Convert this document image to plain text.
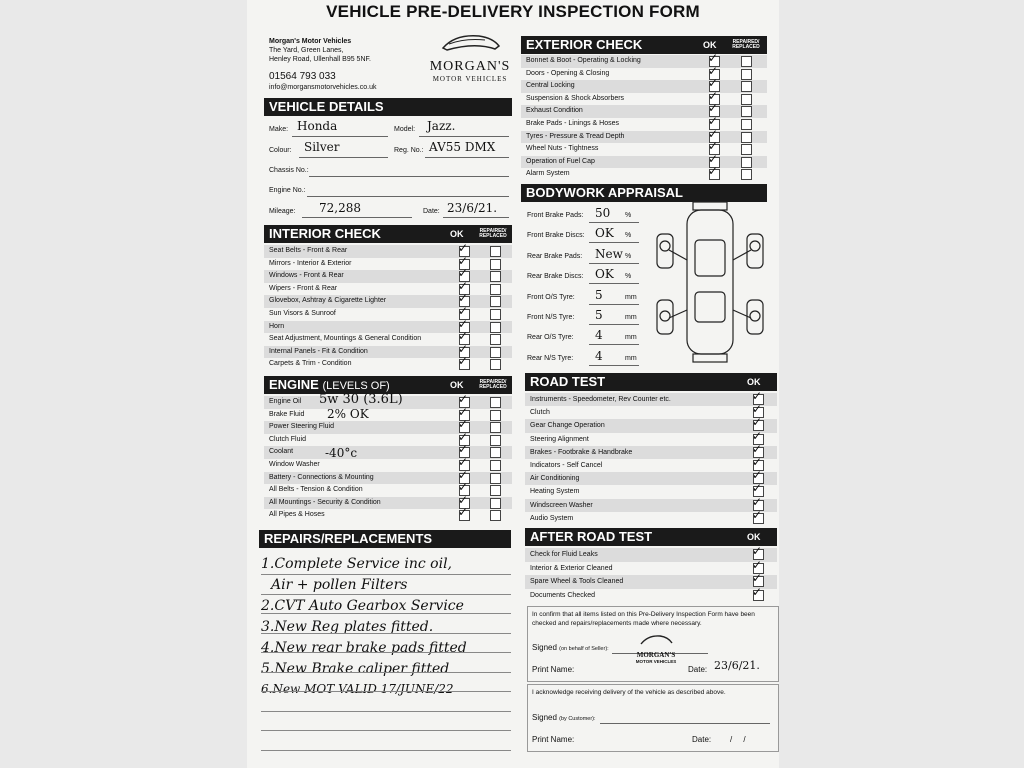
VEHICLE PRE-DELIVERY INSPECTION FORM
Morgan's Motor Vehicles
The Yard, Green Lanes,
Henley Road, Ullenhall B95 5NF.
01564 793 033
info@morgansmotorvehicles.co.uk
MORGAN'S
MOTOR VEHICLES
VEHICLE DETAILS
Make: Honda	Model: Jazz.
Colour: Silver	Reg. No.: AV55 DMX
Chassis No.:
Engine No.:
Mileage: 72,288	Date: 23/6/21.
INTERIOR CHECK	OK	REPAIRED/
REPLACED
Seat Belts - Front & Rear	✓
Mirrors - Interior & Exterior	✓
Windows - Front & Rear	✓
Wipers - Front & Rear	✓
Glovebox, Ashtray & Cigarette Lighter	✓
Sun Visors & Sunroof	✓
Horn	✓
Seat Adjustment, Mountings & General Condition	✓
Internal Panels - Fit & Condition	✓
Carpets & Trim - Condition	✓
ENGINE (LEVELS OF)	OK	REPAIRED/
REPLACED
Engine Oil	✓
Brake Fluid	✓
Power Steering Fluid	✓
Clutch Fluid	✓
Coolant	✓
Window Washer	✓
Battery - Connections & Mounting	✓
All Belts - Tension & Condition	✓
All Mountings - Security & Condition	✓
All Pipes & Hoses	✓
5w 30 (3.6L)
2% OK
-40°c
REPAIRS/REPLACEMENTS
1.Complete Service inc oil,
Air + pollen Filters
2.CVT Auto Gearbox Service
3.New Reg plates fitted.
4.New rear brake pads fitted
5.New Brake caliper fitted
6.New MOT VALID 17/JUNE/22
EXTERIOR CHECK	OK	REPAIRED/
REPLACED
Bonnet & Boot - Operating & Locking	✓
Doors - Opening & Closing	✓
Central Locking	✓
Suspension & Shock Absorbers	✓
Exhaust Condition	✓
Brake Pads - Linings & Hoses	✓
Tyres - Pressure & Tread Depth	✓
Wheel Nuts - Tightness	✓
Operation of Fuel Cap	✓
Alarm System	✓
BODYWORK APPRAISAL
Front Brake Pads: 50 %
Front Brake Discs: OK %
Rear Brake Pads: New %
Rear Brake Discs: OK %
Front O/S Tyre: 5	mm
Front N/S Tyre: 5	mm
Rear O/S Tyre: 4	mm
Rear N/S Tyre: 4	mm
ROAD TEST	OK
Instruments - Speedometer, Rev Counter etc.	✓
Clutch	✓
Gear Change Operation	✓
Steering Alignment	✓
Brakes - Footbrake & Handbrake	✓
Indicators - Self Cancel	✓
Air Conditioning	✓
Heating System	✓
Windscreen Washer	✓
Audio System	✓
AFTER ROAD TEST	OK
Check for Fluid Leaks	✓
Interior & Exterior Cleaned	✓
Spare Wheel & Tools Cleaned	✓
Documents Checked	✓
In confirm that all items listed on this Pre-Delivery Inspection Form have been checked and repairs/replacements made where necessary.
Signed (on behalf of Seller):
Print Name:	Date: 23/6/21.
MORGAN'S
MOTOR VEHICLES
I acknowledge receiving delivery of the vehicle as described above.
Signed (by Customer):
Print Name:	Date: /     /
